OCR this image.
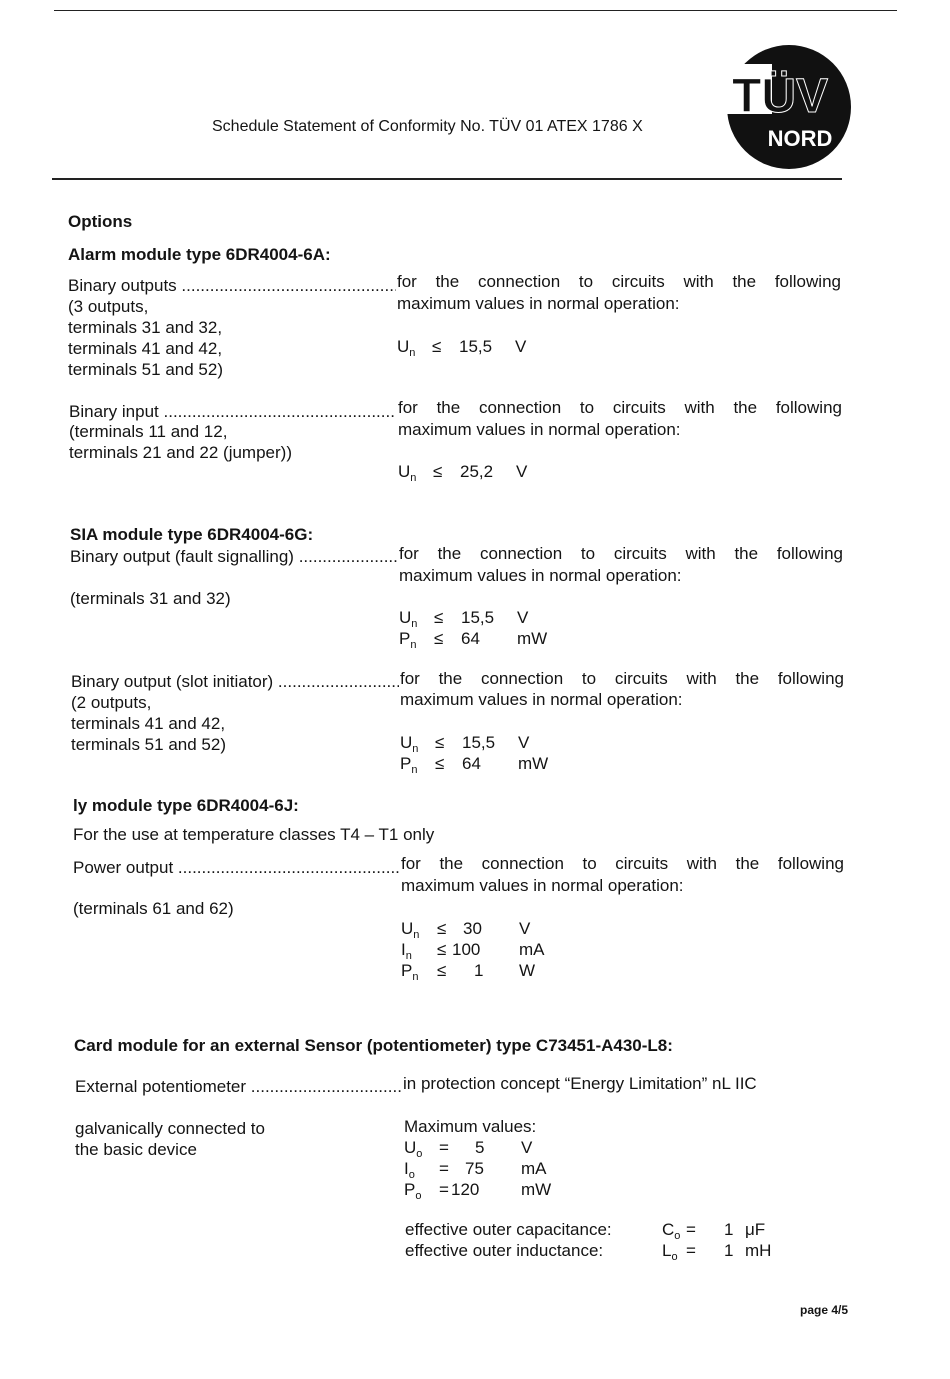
Schedule Statement of Conformity No. TÜV 01 ATEX 1786 X
TÜV
NORD
Options
Alarm module type 6DR4004-6A:
Binary outputs .....
(3 outputs,
terminals 31 and 32,
terminals 41 and 42,
terminals 51 and 52)
for the connection to circuits with the following
maximum values in normal operation:
$U_n \le 15,5$ V
Binary input .....
(terminals 11 and 12,
terminals 21 and 22 (jumper))
for the connection to circuits with the following
maximum values in normal operation:
$U_n \le 25,2$ V
SIA module type 6DR4004-6G:
Binary output (fault signalling) .....
(terminals 31 and 32)
for the connection to circuits with the following
maximum values in normal operation:
$U_n \le 15,5$ V
$P_n \le 64$ mW
Binary output (slot initiator) .....
(2 outputs,
terminals 41 and 42,
terminals 51 and 52)
for the connection to circuits with the following
maximum values in normal operation:
$U_n \le 15,5$ V
$P_n \le 64$ mW
ly module type 6DR4004-6J:
For the use at temperature classes T4 – T1 only
Power output .....
(terminals 61 and 62)
for the connection to circuits with the following
maximum values in normal operation:
$U_n \le 30$ V
$I_n \le 100$ mA
$P_n \le 1$ W
Card module for an external Sensor (potentiometer) type C73451-A430-L8:
External potentiometer .....	in protection concept “Energy Limitation” nL IIC
galvanically connected to
the basic device
Maximum values:
$U_o = 5$ V
$I_o = 75$ mA
$P_o = 120$ mW
effective outer capacitance:	$C_o = 1$ μF
effective outer inductance:	$L_o = 1$ mH
page 4/5
